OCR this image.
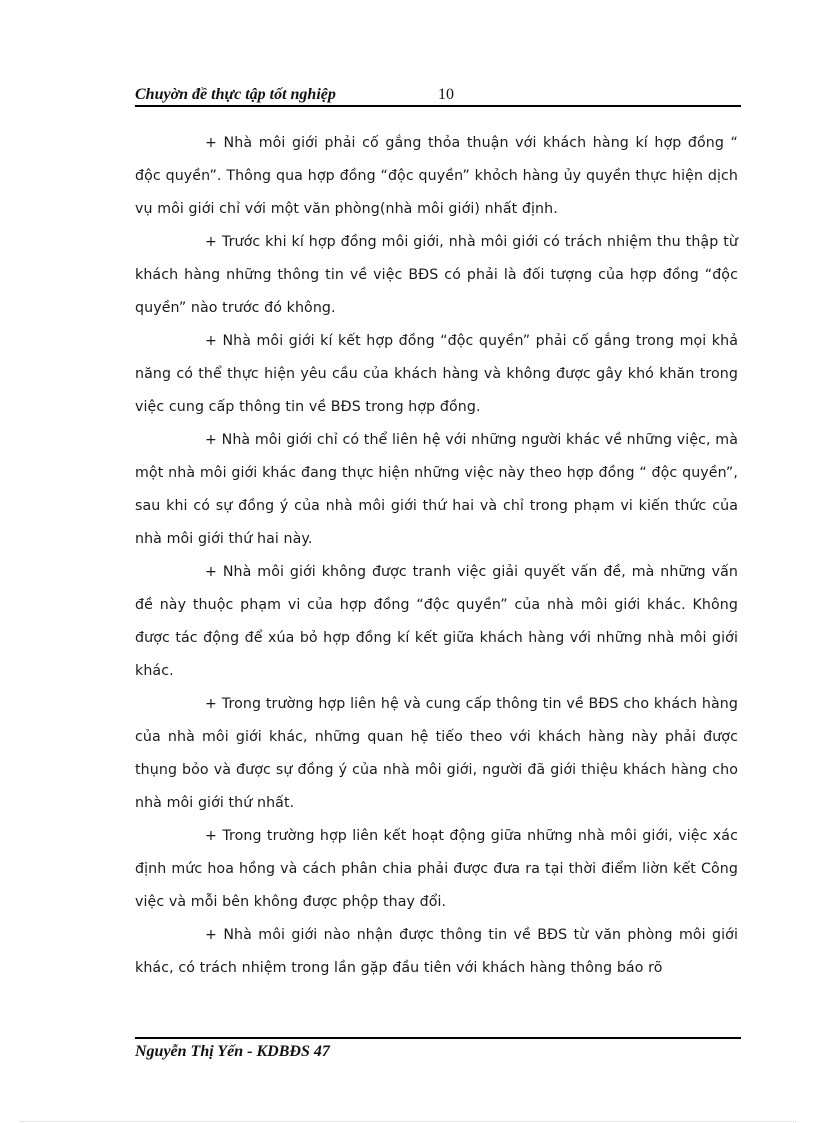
Chuyờn đề thực tập tốt nghiệp	10

+ Nhà môi giới phải cố gắng thỏa thuận với khách hàng kí hợp đồng “ độc quyền”. Thông qua hợp đồng “độc quyền” khỏch hàng ủy quyền thực hiện dịch vụ môi giới chỉ với một văn phòng(nhà môi giới) nhất định.

+ Trước khi kí hợp đồng môi giới, nhà môi giới có trách nhiệm thu thập từ khách hàng những thông tin về việc BĐS có phải là đối tượng của hợp đồng “độc quyền” nào trước đó không.

+ Nhà môi giới kí kết hợp đồng “độc quyền” phải cố gắng trong mọi khả năng có thể thực hiện yêu cầu của khách hàng và không được gây khó khăn trong việc cung cấp thông tin về BĐS trong hợp đồng.

+ Nhà môi giới chỉ có thể liên hệ với những người khác về những việc, mà một nhà môi giới khác đang thực hiện những việc này theo hợp đồng “ độc quyền”, sau khi có sự đồng ý của nhà môi giới thứ hai và chỉ trong phạm vi kiến thức của nhà môi giới thứ hai này.

+ Nhà môi giới không được tranh việc giải quyết vấn đề, mà những vấn đề này thuộc phạm vi của hợp đồng “độc quyền” của nhà môi giới khác. Không được tác động để xúa bỏ hợp đồng kí kết giữa khách hàng với những nhà môi giới khác.

+ Trong trường hợp liên hệ và cung cấp thông tin về BĐS cho khách hàng của nhà môi giới khác, những quan hệ tiếo theo với khách hàng này phải được thụng bỏo và được sự đồng ý của nhà môi giới, người đã giới thiệu khách hàng cho nhà môi giới thứ nhất.

+ Trong trường hợp liên kết hoạt động giữa những nhà môi giới, việc xác định mức hoa hồng và cách phân chia phải được đưa ra tại thời điểm liờn kết Công việc và mỗi bên không được phộp thay đổi.

+ Nhà môi giới nào nhận được thông tin về BĐS từ văn phòng môi giới khác, có trách nhiệm trong lần gặp đầu tiên với khách hàng thông báo rõ

Nguyễn Thị Yến - KDBĐS 47
